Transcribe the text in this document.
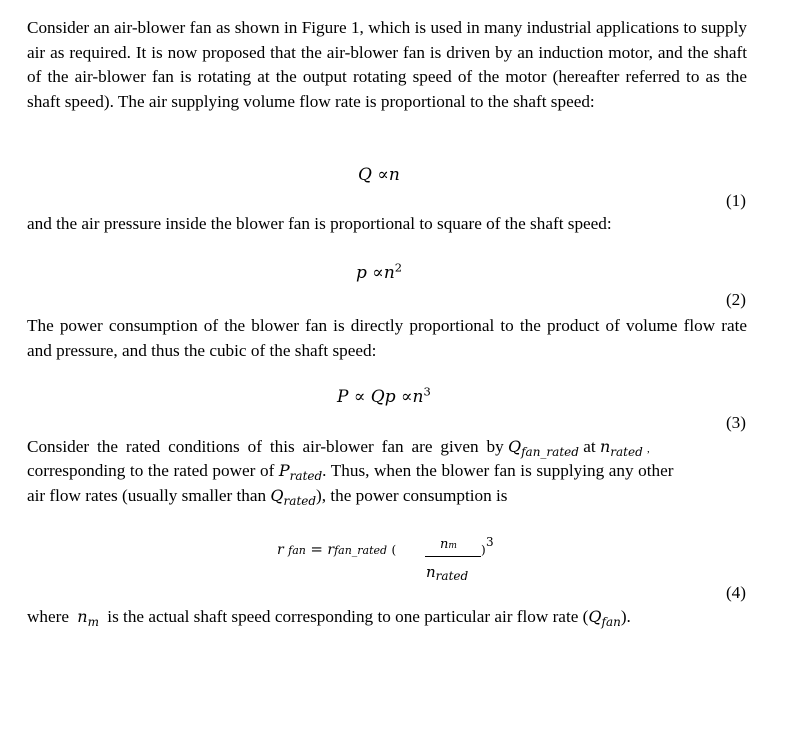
Consider an air-blower fan as shown in Figure 1, which is used in many industrial applications to supply air as required. It is now proposed that the air-blower fan is driven by an induction motor, and the shaft of the air-blower fan is rotating at the output rotating speed of the motor (hereafter referred to as the shaft speed). The air supplying volume flow rate is proportional to the shaft speed:

Q ∝n
(1)

and the air pressure inside the blower fan is proportional to square of the shaft speed:

$p \propto n^2$
(2)

The power consumption of the blower fan is directly proportional to the product of volume flow rate and pressure, and thus the cubic of the shaft speed:

$P \propto Qp \propto n^3$
(3)
Consider the rated conditions of this air-blower fan are given by $Q_{fan\_rated}$ at $n_{rated}$ ,
corresponding to the rated power of $P_{rated}$. Thus, when the blower fan is supplying any other
air flow rates (usually smaller than $Q_{rated}$), the power consumption is
r fan = rfan_rated (	nm )
3
$n_{rated}$
(4)
where $n_m$ is the actual shaft speed corresponding to one particular air flow rate $(Q_{fan})$.
